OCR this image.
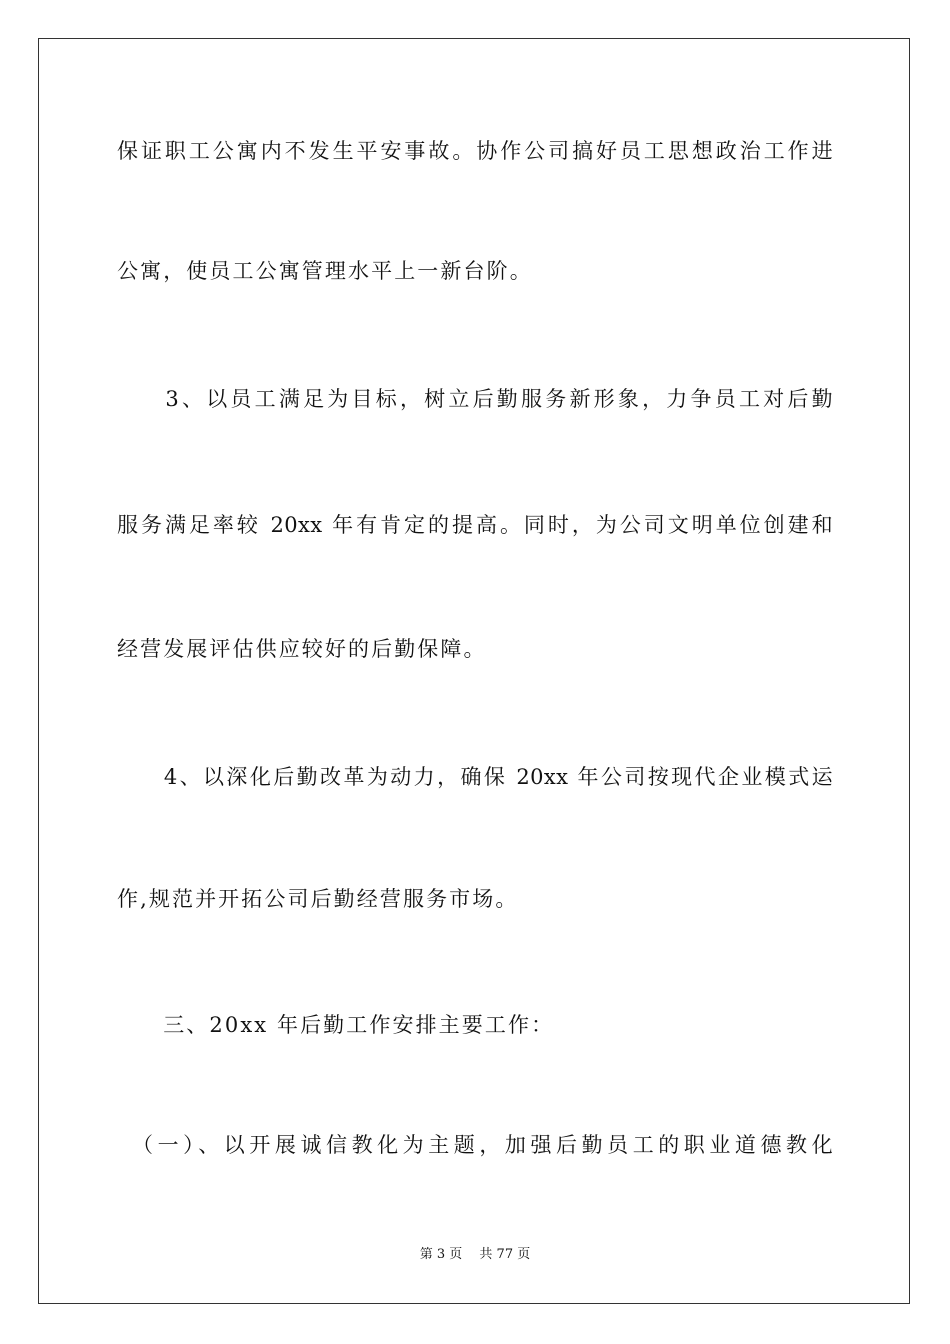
保证职工公寓内不发生平安事故。协作公司搞好员工思想政治工作进
公寓，使员工公寓管理水平上一新台阶。
　　3、以员工满足为目标，树立后勤服务新形象，力争员工对后勤
服务满足率较 20xx 年有肯定的提高。同时，为公司文明单位创建和
经营发展评估供应较好的后勤保障。
　　4、以深化后勤改革为动力，确保 20xx 年公司按现代企业模式运
作,规范并开拓公司后勤经营服务市场。
　　三、20xx 年后勤工作安排主要工作：
　（一）、以开展诚信教化为主题，加强后勤员工的职业道德教化
第 3 页　 共 77 页
